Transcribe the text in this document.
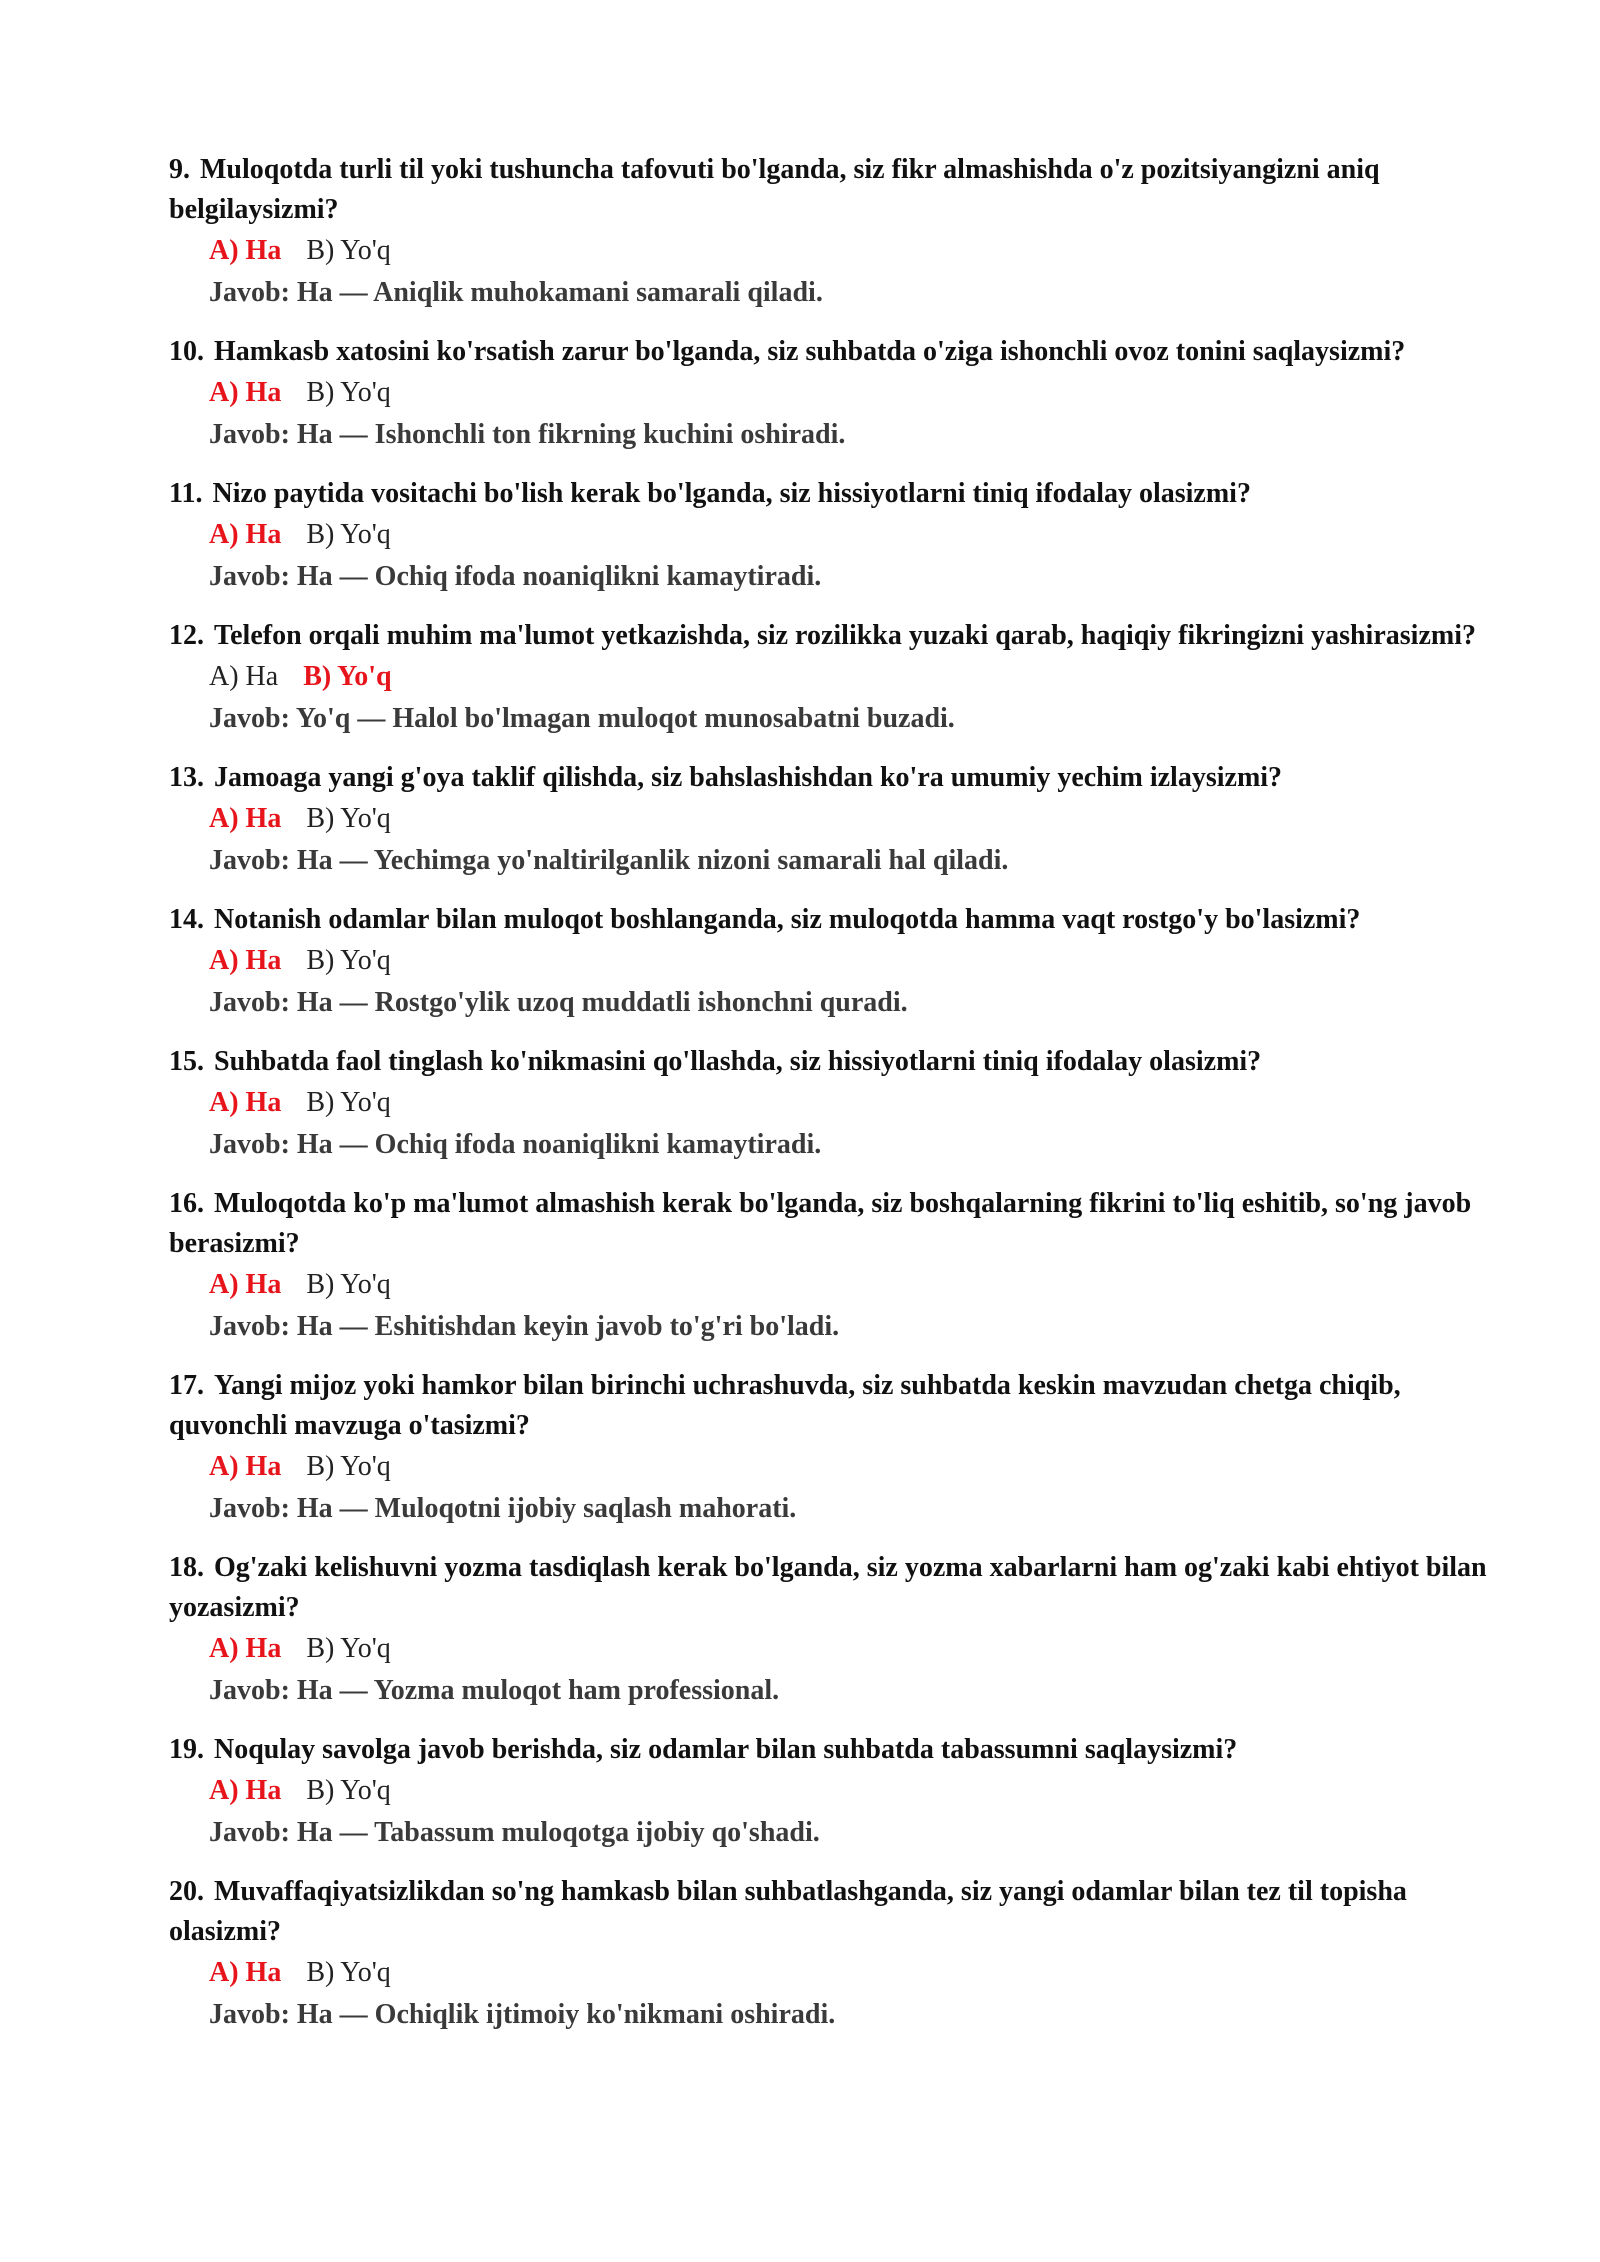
9. Muloqotda turli til yoki tushuncha tafovuti bo'lganda, siz fikr almashishda o'z pozitsiyangizni aniq belgilaysizmi?

A) Ha B) Yo'q
Javob: Ha — Aniqlik muhokamani samarali qiladi.

10. Hamkasb xatosini ko'rsatish zarur bo'lganda, siz suhbatda o'ziga ishonchli ovoz tonini saqlaysizmi?

A) Ha B) Yo'q
Javob: Ha — Ishonchli ton fikrning kuchini oshiradi.

11. Nizo paytida vositachi bo'lish kerak bo'lganda, siz hissiyotlarni tiniq ifodalay olasizmi?

A) Ha B) Yo'q
Javob: Ha — Ochiq ifoda noaniqlikni kamaytiradi.

12. Telefon orqali muhim ma'lumot yetkazishda, siz rozilikka yuzaki qarab, haqiqiy fikringizni yashirasizmi?

A) Ha B) Yo'q
Javob: Yo'q — Halol bo'lmagan muloqot munosabatni buzadi.

13. Jamoaga yangi g'oya taklif qilishda, siz bahslashishdan ko'ra umumiy yechim izlaysizmi?

A) Ha B) Yo'q
Javob: Ha — Yechimga yo'naltirilganlik nizoni samarali hal qiladi.

14. Notanish odamlar bilan muloqot boshlanganda, siz muloqotda hamma vaqt rostgo'y bo'lasizmi?

A) Ha B) Yo'q
Javob: Ha — Rostgo'ylik uzoq muddatli ishonchni quradi.

15. Suhbatda faol tinglash ko'nikmasini qo'llashda, siz hissiyotlarni tiniq ifodalay olasizmi?

A) Ha B) Yo'q
Javob: Ha — Ochiq ifoda noaniqlikni kamaytiradi.

16. Muloqotda ko'p ma'lumot almashish kerak bo'lganda, siz boshqalarning fikrini to'liq eshitib, so'ng javob berasizmi?

A) Ha B) Yo'q
Javob: Ha — Eshitishdan keyin javob to'g'ri bo'ladi.

17. Yangi mijoz yoki hamkor bilan birinchi uchrashuvda, siz suhbatda keskin mavzudan chetga chiqib, quvonchli mavzuga o'tasizmi?

A) Ha B) Yo'q
Javob: Ha — Muloqotni ijobiy saqlash mahorati.

18. Og'zaki kelishuvni yozma tasdiqlash kerak bo'lganda, siz yozma xabarlarni ham og'zaki kabi ehtiyot bilan yozasizmi?

A) Ha B) Yo'q
Javob: Ha — Yozma muloqot ham professional.

19. Noqulay savolga javob berishda, siz odamlar bilan suhbatda tabassumni saqlaysizmi?

A) Ha B) Yo'q
Javob: Ha — Tabassum muloqotga ijobiy qo'shadi.

20. Muvaffaqiyatsizlikdan so'ng hamkasb bilan suhbatlashganda, siz yangi odamlar bilan tez til topisha olasizmi?

A) Ha B) Yo'q
Javob: Ha — Ochiqlik ijtimoiy ko'nikmani oshiradi.
